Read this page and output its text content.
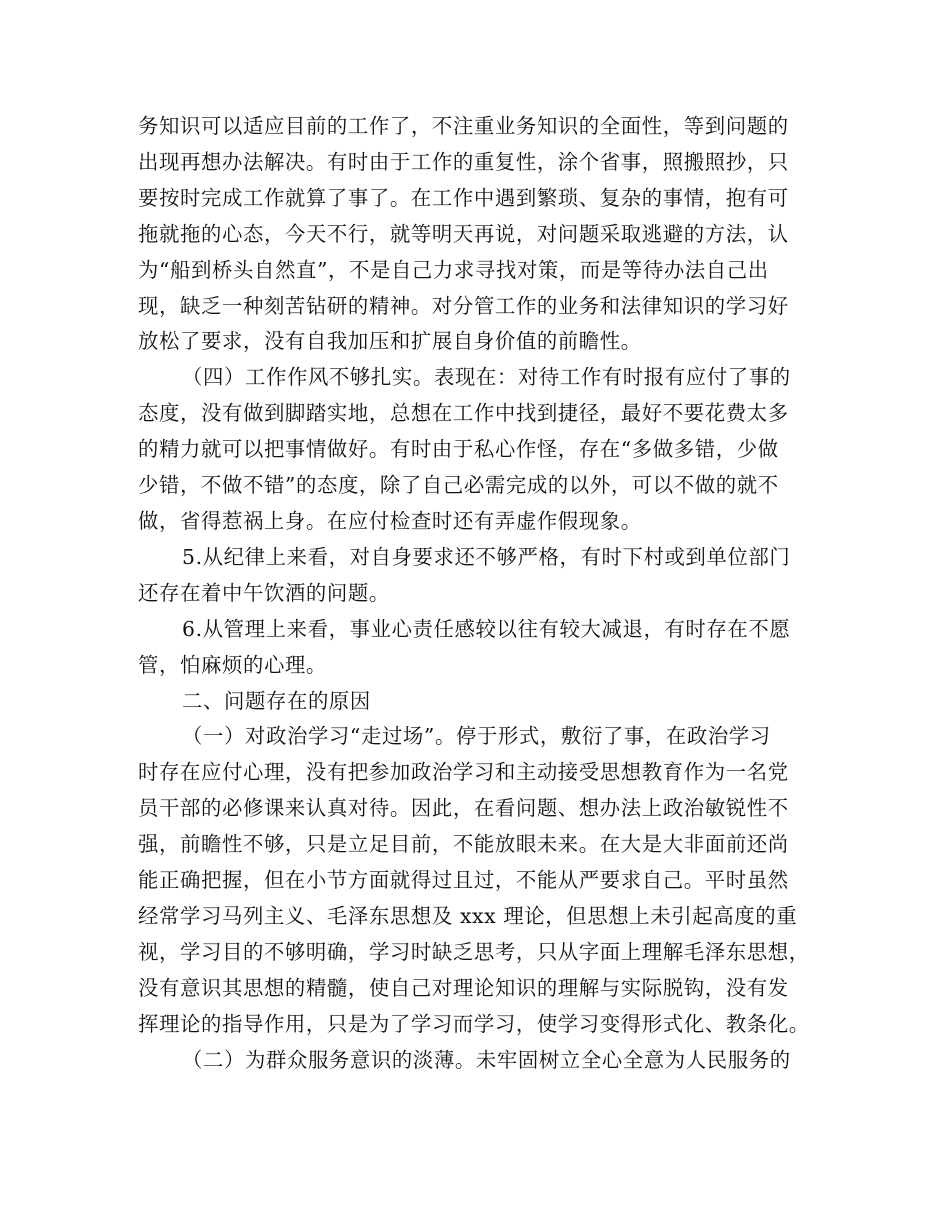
务知识可以适应目前的工作了，不注重业务知识的全面性，等到问题的
出现再想办法解决。有时由于工作的重复性，涂个省事，照搬照抄，只
要按时完成工作就算了事了。在工作中遇到繁琐、复杂的事情，抱有可
拖就拖的心态，今天不行，就等明天再说，对问题采取逃避的方法，认
为“船到桥头自然直”，不是自己力求寻找对策，而是等待办法自己出
现，缺乏一种刻苦钻研的精神。对分管工作的业务和法律知识的学习好
放松了要求，没有自我加压和扩展自身价值的前瞻性。
（四）工作作风不够扎实。表现在：对待工作有时报有应付了事的
态度，没有做到脚踏实地，总想在工作中找到捷径，最好不要花费太多
的精力就可以把事情做好。有时由于私心作怪，存在“多做多错，少做
少错，不做不错”的态度，除了自己必需完成的以外，可以不做的就不
做，省得惹祸上身。在应付检查时还有弄虚作假现象。
5.从纪律上来看，对自身要求还不够严格，有时下村或到单位部门
还存在着中午饮酒的问题。
6.从管理上来看，事业心责任感较以往有较大减退，有时存在不愿
管，怕麻烦的心理。
二、问题存在的原因
（一）对政治学习“走过场”。停于形式，敷衍了事，在政治学习
时存在应付心理，没有把参加政治学习和主动接受思想教育作为一名党
员干部的必修课来认真对待。因此，在看问题、想办法上政治敏锐性不
强，前瞻性不够，只是立足目前，不能放眼未来。在大是大非面前还尚
能正确把握，但在小节方面就得过且过，不能从严要求自己。平时虽然
经常学习马列主义、毛泽东思想及 xxx 理论，但思想上未引起高度的重
视，学习目的不够明确，学习时缺乏思考，只从字面上理解毛泽东思想，
没有意识其思想的精髓，使自己对理论知识的理解与实际脱钩，没有发
挥理论的指导作用，只是为了学习而学习，使学习变得形式化、教条化。
（二）为群众服务意识的淡薄。未牢固树立全心全意为人民服务的
